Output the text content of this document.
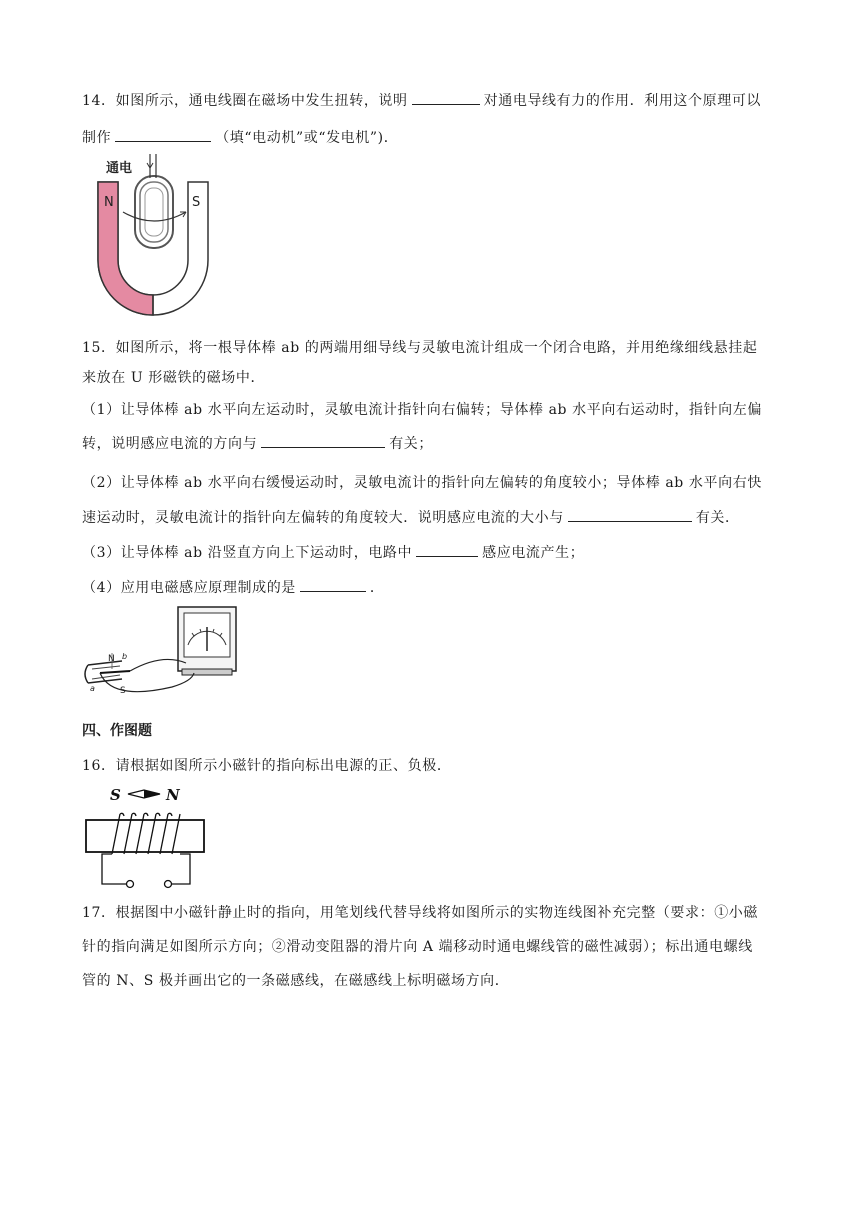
14．如图所示，通电线圈在磁场中发生扭转，说明	对通电导线有力的作用．利用这个原理可以
制作	（填“电动机”或“发电机”)．
N	S
通电
15．如图所示，将一根导体棒 ab 的两端用细导线与灵敏电流计组成一个闭合电路，并用绝缘细线悬挂起
来放在 U 形磁铁的磁场中．
（1）让导体棒 ab 水平向左运动时，灵敏电流计指针向右偏转；导体棒 ab 水平向右运动时，指针向左偏
转，说明感应电流的方向与	有关；
（2）让导体棒 ab 水平向右缓慢运动时，灵敏电流计的指针向左偏转的角度较小；导体棒 ab 水平向右快
速运动时，灵敏电流计的指针向左偏转的角度较大．说明感应电流的大小与	有关．
（3）让导体棒 ab 沿竖直方向上下运动时，电路中	感应电流产生；
（4）应用电磁感应原理制成的是	．
N
S
a
b
四、作图题
16．请根据如图所示小磁针的指向标出电源的正、负极．
S	N
17．根据图中小磁针静止时的指向，用笔划线代替导线将如图所示的实物连线图补充完整（要求：①小磁
针的指向满足如图所示方向；②滑动变阻器的滑片向 A 端移动时通电螺线管的磁性减弱）；标出通电螺线
管的 N、S 极并画出它的一条磁感线，在磁感线上标明磁场方向．
